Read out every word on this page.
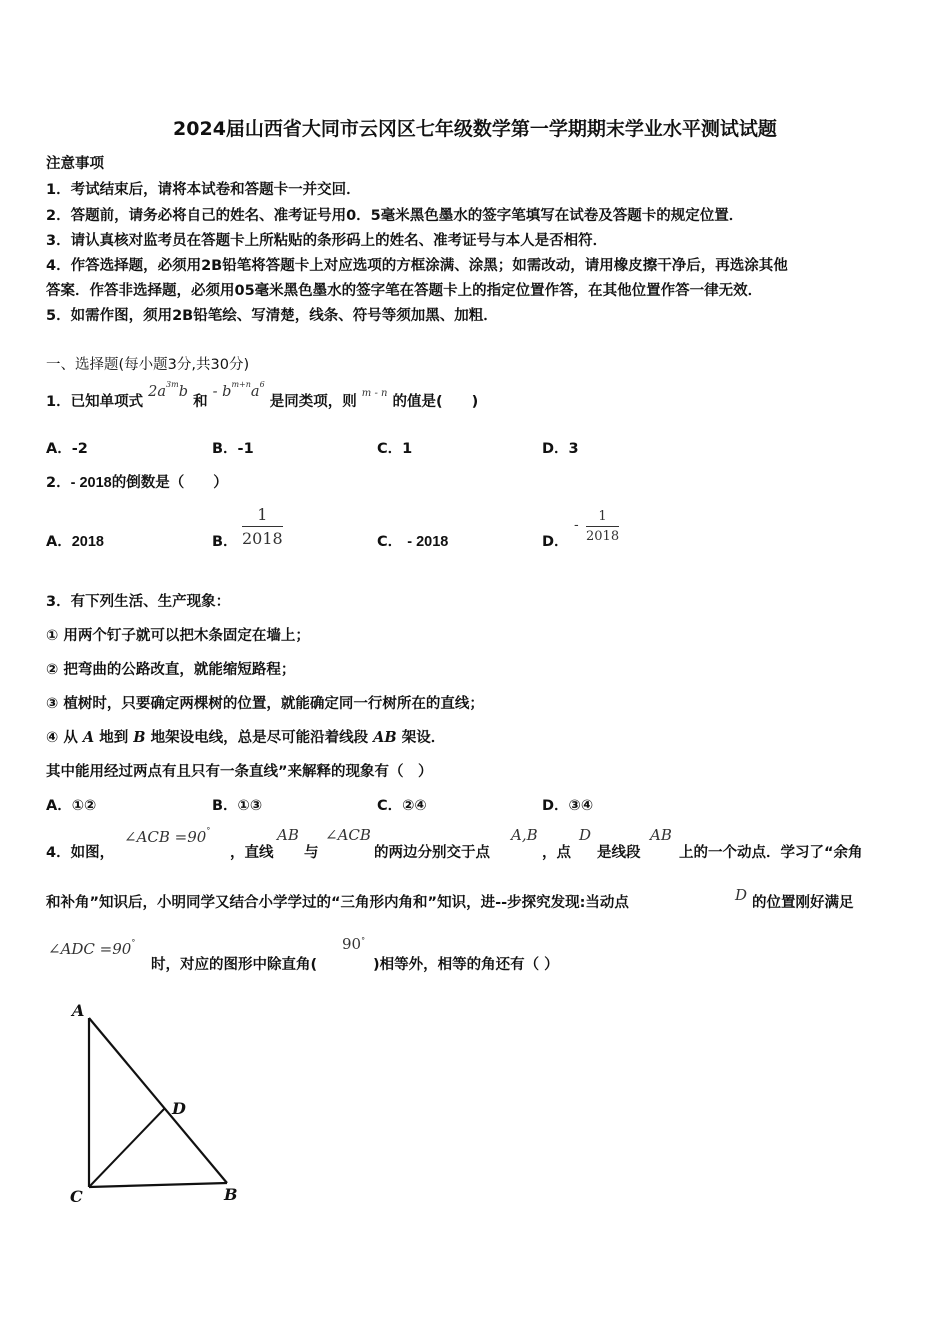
2024届山西省大同市云冈区七年级数学第一学期期末学业水平测试试题
注意事项
1．考试结束后，请将本试卷和答题卡一并交回．
2．答题前，请务必将自己的姓名、准考证号用0．5毫米黑色墨水的签字笔填写在试卷及答题卡的规定位置．
3．请认真核对监考员在答题卡上所粘贴的条形码上的姓名、准考证号与本人是否相符．
4．作答选择题，必须用2B铅笔将答题卡上对应选项的方框涂满、涂黑；如需改动，请用橡皮擦干净后，再选涂其他
答案．作答非选择题，必须用05毫米黑色墨水的签字笔在答题卡上的指定位置作答，在其他位置作答一律无效．
5．如需作图，须用2B铅笔绘、写清楚，线条、符号等须加黑、加粗．
一、选择题(每小题3分,共30分)
1．已知单项式 $2a^{3m}b$ 和 - $b^{m+n}a^6$ 是同类项，则 $^{m - n}$ 的值是(　　)
A．-2	B．-1	C．1	D．3
2．- 2018的倒数是（　　）
A．2018	B． $\frac{1}{2018}$	C． - 2018	D．
- $\frac{1}{2018}$
3．有下列生活、生产现象：
① 用两个钉子就可以把木条固定在墙上；
② 把弯曲的公路改直，就能缩短路程；
③ 植树时，只要确定两棵树的位置，就能确定同一行树所在的直线；
④ 从 A 地到 B 地架设电线，总是尽可能沿着线段 AB 架设．
其中能用经过两点有且只有一条直线”来解释的现象有（　）
A．①②	B．①③	C．②④	D．③④
4．如图，
∠ACB =90°
，直线
AB
与
∠ACB
的两边分别交于点
A,B
，点
D
是线段
AB
上的一个动点．学习了“余角
和补角”知识后，小明同学又结合小学学过的“三角形内角和”知识，进--步探究发现:当动点	D 的位置刚好满足
∠ADC =90°
时，对应的图形中除直角(
90°
)相等外，相等的角还有（ ）
A
D
C	B
